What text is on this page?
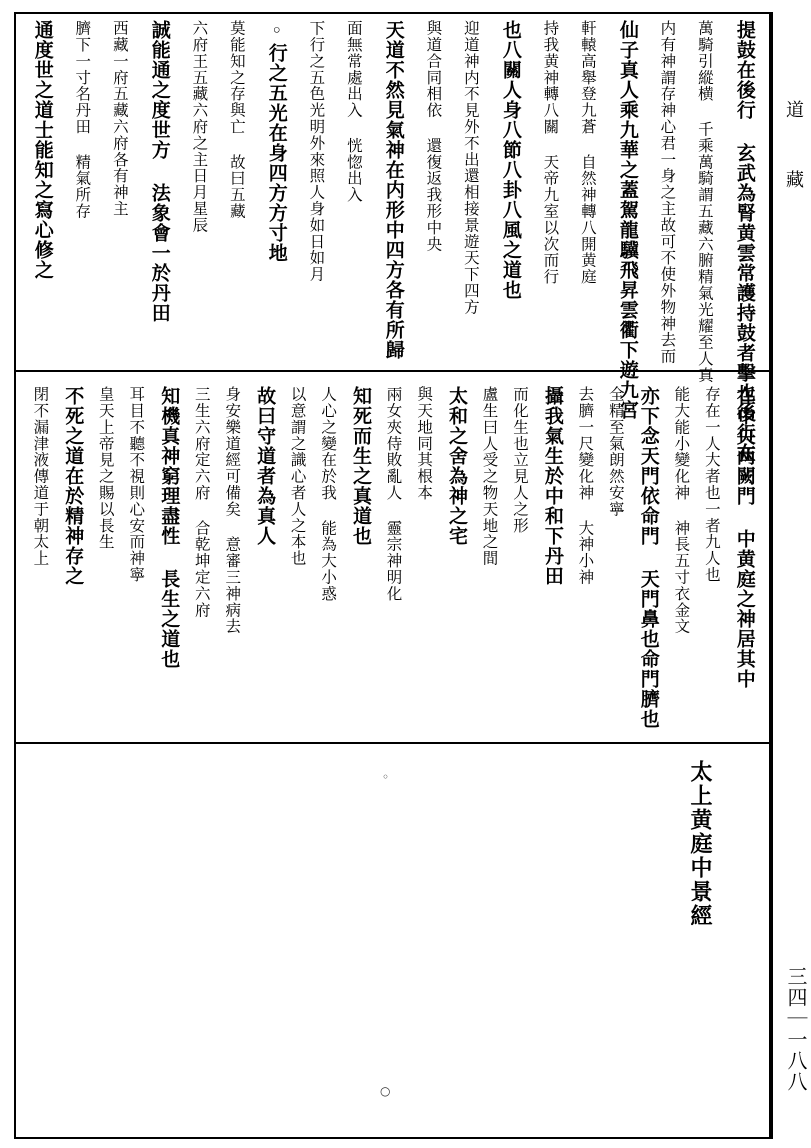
道
藏
三四｜一八八
提鼓在後行 玄武為腎黄雲常護持鼓者擊也後行在
萬騎引縱横 千乘萬騎謂五藏六腑精氣光耀至人真
内有神謂存神心君一身之主故可不使外物神去而
仙子真人乘九華之蓋駕龍驥飛昇雲衢下遊九宮
軒轅高舉登九蒼 自然神轉八開黄庭
持我黄神轉八關 天帝九室以次而行
也八關人身八節八卦八風之道也
迎道神内不見外不出還相接景遊天下四方
與道合同相依 還復返我形中央
天道不然見氣神在内形中四方各有所歸
面無常處出入 恍惚出入
下行之五色光明外來照人身如日如月
◦行之五光在身四方方寸地
莫能知之存與亡 故曰五藏
六府王五藏六府之主日月星辰
誠能通之度世方 法象會一於丹田
西藏一府五藏六府各有神主
臍下一寸名丹田 精氣所存
通度世之道士能知之寫心修之
在中央两闕門 中黄庭之神居其中
存在一人大者也一者九人也
能大能小變化神 神長五寸衣金文
亦下念天門依命門 天門鼻也命門臍也
全精至氣朗然安寧
去臍一尺變化神 大神小神
攝我氣生於中和下丹田
而化生也立見人之形
盧生曰人受之物天地之間
太和之舍為神之宅
與天地同其根本
兩女夾侍敗亂人 靈宗神明化
知死而生之真道也
人心之變在於我 能為大小惑
以意謂之識心者人之本也
故曰守道者為真人
身安樂道經可備矣 意審三神病去
三生六府定六府 合乾坤定六府
知機真神窮理盡性 長生之道也
耳目不聽不視則心安而神寧
皇天上帝見之賜以長生
不死之道在於精神存之
閉不漏津液傳道于朝太上
太上黄庭中景經
◦
○
